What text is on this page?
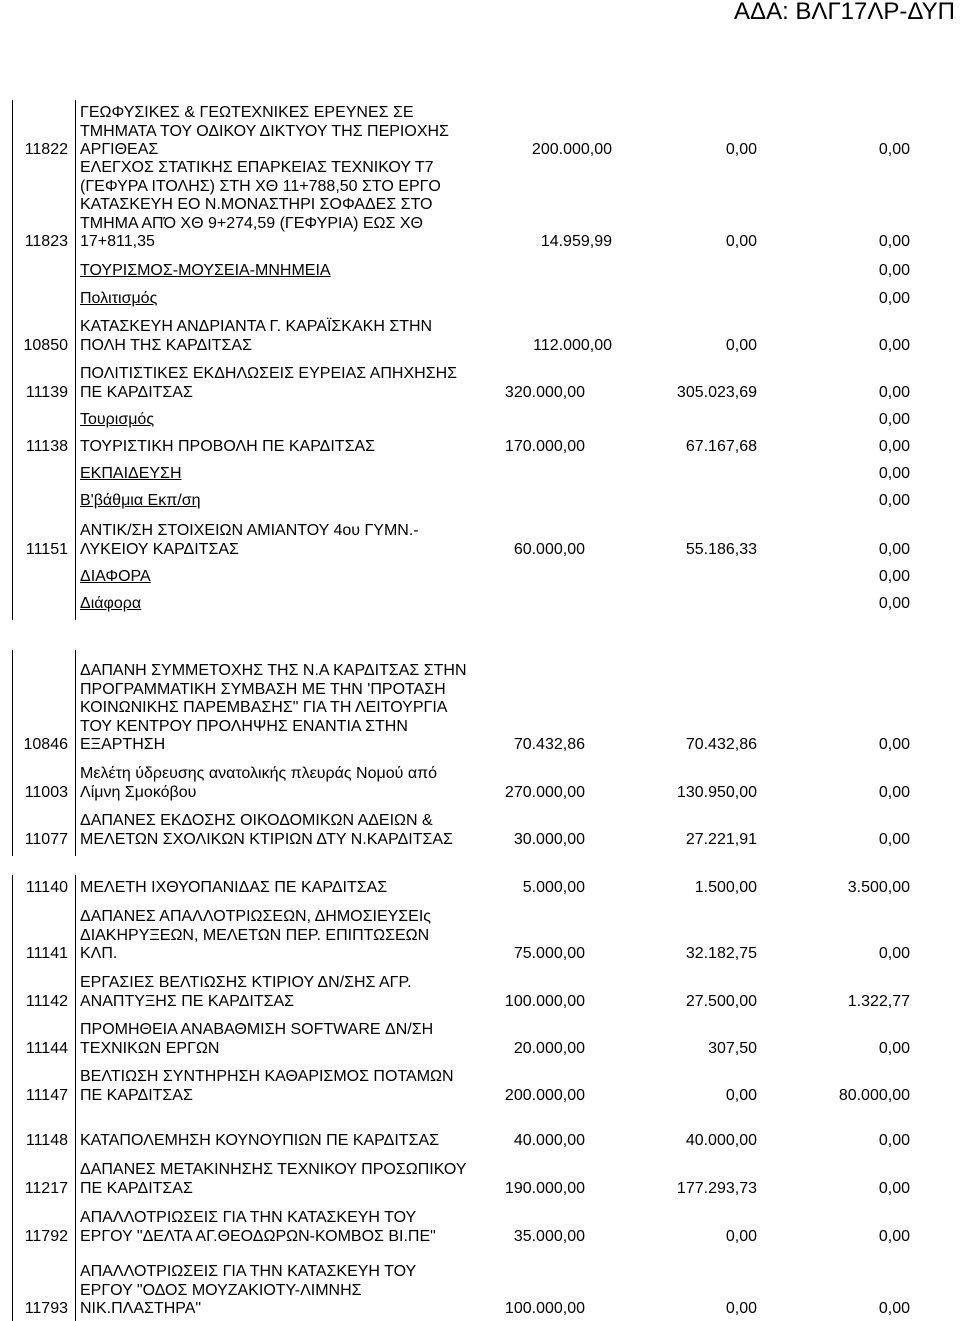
ΑΔΑ: ΒΛΓ17ΛΡ-ΔΥΠ
11822
ΓΕΩΦΥΣΙΚΕΣ & ΓΕΩΤΕΧΝΙΚΕΣ ΕΡΕΥΝΕΣ ΣΕ
ΤΜΗΜΑΤΑ ΤΟΥ ΟΔΙΚΟΥ ΔΙΚΤΥΟΥ ΤΗΣ ΠΕΡΙΟΧΗΣ
ΑΡΓΙΘΕΑΣ	200.000,00	0,00	0,00
11823
ΕΛΕΓΧΟΣ ΣΤΑΤΙΚΗΣ ΕΠΑΡΚΕΙΑΣ ΤΕΧΝΙΚΟΥ Τ7
(ΓΕΦΥΡΑ ΙΤΟΛΗΣ) ΣΤΗ ΧΘ 11+788,50 ΣΤΟ ΕΡΓΟ
ΚΑΤΑΣΚΕΥΗ ΕΟ Ν.ΜΟΝΑΣΤΗΡΙ ΣΟΦΑΔΕΣ ΣΤΟ
ΤΜΗΜΑ ΑΠΌ ΧΘ 9+274,59 (ΓΕΦΥΡΙΑ) ΕΩΣ ΧΘ
17+811,35	14.959,99	0,00	0,00
ΤΟΥΡΙΣΜΟΣ-ΜΟΥΣΕΙΑ-ΜΝΗΜΕΙΑ	0,00
Πολιτισμός	0,00
10850
ΚΑΤΑΣΚΕΥΗ ΑΝΔΡΙΑΝΤΑ Γ. ΚΑΡΑΪΣΚΑΚΗ ΣΤΗΝ
ΠΟΛΗ ΤΗΣ ΚΑΡΔΙΤΣΑΣ	112.000,00	0,00	0,00
11139
ΠΟΛΙΤΙΣΤΙΚΕΣ ΕΚΔΗΛΩΣΕΙΣ ΕΥΡΕΙΑΣ ΑΠΗΧΗΣΗΣ
ΠΕ ΚΑΡΔΙΤΣΑΣ	320.000,00	305.023,69	0,00
Τουρισμός	0,00
11138 ΤΟΥΡΙΣΤΙΚΗ ΠΡΟΒΟΛΗ ΠΕ ΚΑΡΔΙΤΣΑΣ	170.000,00	67.167,68	0,00
ΕΚΠΑΙΔΕΥΣΗ	0,00
Β'βάθμια Εκπ/ση	0,00
11151
ΑΝΤΙΚ/ΣΗ ΣΤΟΙΧΕΙΩΝ ΑΜΙΑΝΤΟΥ 4ου ΓΥΜΝ.-
ΛΥΚΕΙΟΥ ΚΑΡΔΙΤΣΑΣ	60.000,00	55.186,33	0,00
ΔΙΑΦΟΡΑ	0,00
Διάφορα	0,00
10846
ΔΑΠΑΝΗ ΣΥΜΜΕΤΟΧΗΣ ΤΗΣ Ν.Α ΚΑΡΔΙΤΣΑΣ ΣΤΗΝ
ΠΡΟΓΡΑΜΜΑΤΙΚΗ ΣΥΜΒΑΣΗ ΜΕ ΤΗΝ 'ΠΡΟΤΑΣΗ
ΚΟΙΝΩΝΙΚΗΣ ΠΑΡΕΜΒΑΣΗΣ" ΓΙΑ ΤΗ ΛΕΙΤΟΥΡΓΙΑ
ΤΟΥ ΚΕΝΤΡΟΥ ΠΡΟΛΗΨΗΣ ΕΝΑΝΤΙΑ ΣΤΗΝ
ΕΞΑΡΤΗΣΗ	70.432,86	70.432,86	0,00
11003
Μελέτη ύδρευσης ανατολικής πλευράς Νομού από
Λίμνη Σμοκόβου	270.000,00	130.950,00	0,00
11077
ΔΑΠΑΝΕΣ ΕΚΔΟΣΗΣ ΟΙΚΟΔΟΜΙΚΩΝ ΑΔΕΙΩΝ &
ΜΕΛΕΤΩΝ ΣΧΟΛΙΚΩΝ ΚΤΙΡΙΩΝ ΔΤΥ Ν.ΚΑΡΔΙΤΣΑΣ	30.000,00	27.221,91	0,00
11140 ΜΕΛΕΤΗ ΙΧΘΥΟΠΑΝΙΔΑΣ ΠΕ ΚΑΡΔΙΤΣΑΣ	5.000,00	1.500,00	3.500,00
11141
ΔΑΠΑΝΕΣ ΑΠΑΛΛΟΤΡΙΩΣΕΩΝ, ΔΗΜΟΣΙΕΥΣΕΙς
ΔΙΑΚΗΡΥΞΕΩΝ, ΜΕΛΕΤΩΝ ΠΕΡ. ΕΠΙΠΤΩΣΕΩΝ
ΚΛΠ.	75.000,00	32.182,75	0,00
11142
ΕΡΓΑΣΙΕΣ ΒΕΛΤΙΩΣΗΣ ΚΤΙΡΙΟΥ ΔΝ/ΣΗΣ ΑΓΡ.
ΑΝΑΠΤΥΞΗΣ ΠΕ ΚΑΡΔΙΤΣΑΣ	100.000,00	27.500,00	1.322,77
11144
ΠΡΟΜΗΘΕΙΑ ΑΝΑΒΑΘΜΙΣΗ SOFTWARE ΔΝ/ΣΗ
ΤΕΧΝΙΚΩΝ ΕΡΓΩΝ	20.000,00	307,50	0,00
11147
ΒΕΛΤΙΩΣΗ ΣΥΝΤΗΡΗΣΗ ΚΑΘΑΡΙΣΜΟΣ ΠΟΤΑΜΩΝ
ΠΕ ΚΑΡΔΙΤΣΑΣ	200.000,00	0,00	80.000,00
11148 ΚΑΤΑΠΟΛΕΜΗΣΗ ΚΟΥΝΟΥΠΙΩΝ ΠΕ ΚΑΡΔΙΤΣΑΣ	40.000,00	40.000,00	0,00
11217
ΔΑΠΑΝΕΣ ΜΕΤΑΚΙΝΗΣΗΣ ΤΕΧΝΙΚΟΥ ΠΡΟΣΩΠΙΚΟΥ
ΠΕ ΚΑΡΔΙΤΣΑΣ	190.000,00	177.293,73	0,00
11792
ΑΠΑΛΛΟΤΡΙΩΣΕΙΣ ΓΙΑ ΤΗΝ ΚΑΤΑΣΚΕΥΗ ΤΟΥ
ΕΡΓΟΥ "ΔΕΛΤΑ ΑΓ.ΘΕΟΔΩΡΩΝ-ΚΟΜΒΟΣ ΒΙ.ΠΕ"	35.000,00	0,00	0,00
11793
ΑΠΑΛΛΟΤΡΙΩΣΕΙΣ ΓΙΑ ΤΗΝ ΚΑΤΑΣΚΕΥΗ ΤΟΥ
ΕΡΓΟΥ "ΟΔΟΣ ΜΟΥΖΑΚΙΟΤΥ-ΛΙΜΝΗΣ
ΝΙΚ.ΠΛΑΣΤΗΡΑ"	100.000,00	0,00	0,00
